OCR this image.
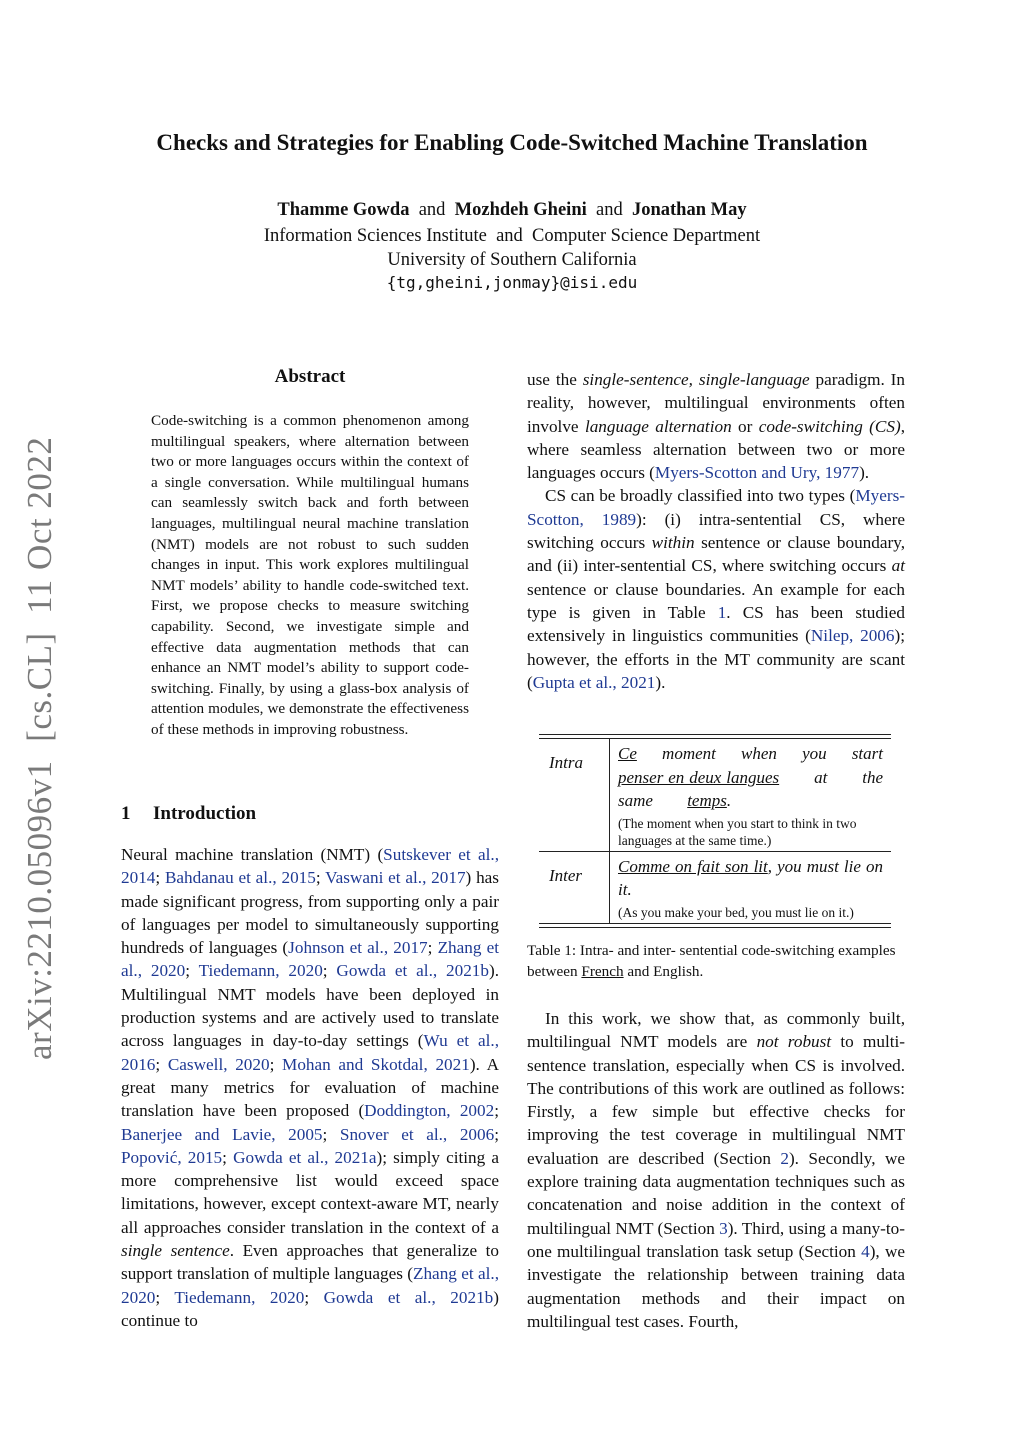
Checks and Strategies for Enabling Code-Switched Machine Translation
Thamme Gowda and Mozhdeh Gheini and Jonathan May
Information Sciences Institute  and  Computer Science Department
University of Southern California
{tg,gheini,jonmay}@isi.edu
arXiv:2210.05096v1  [cs.CL]  11 Oct 2022
Abstract
Code-switching is a common phenomenon among multilingual speakers, where alternation between two or more languages occurs within the context of a single conversation. While multilingual humans can seamlessly switch back and forth between languages, multilingual neural machine translation (NMT) models are not robust to such sudden changes in input. This work explores multilingual NMT models’ ability to handle code-switched text. First, we propose checks to measure switching capability. Second, we investigate simple and effective data augmentation methods that can enhance an NMT model’s ability to support code-switching. Finally, by using a glass-box analysis of attention modules, we demonstrate the effectiveness of these methods in improving robustness.
1 Introduction

Neural machine translation (NMT) (Sutskever et al., 2014; Bahdanau et al., 2015; Vaswani et al., 2017) has made significant progress, from supporting only a pair of languages per model to simultaneously supporting hundreds of languages (Johnson et al., 2017; Zhang et al., 2020; Tiedemann, 2020; Gowda et al., 2021b). Multilingual NMT models have been deployed in production systems and are actively used to translate across languages in day-to-day settings (Wu et al., 2016; Caswell, 2020; Mohan and Skotdal, 2021). A great many metrics for evaluation of machine translation have been proposed (Doddington, 2002; Banerjee and Lavie, 2005; Snover et al., 2006; Popović, 2015; Gowda et al., 2021a); simply citing a more comprehensive list would exceed space limitations, however, except context-aware MT, nearly all approaches consider translation in the context of a single sentence. Even approaches that generalize to support translation of multiple languages (Zhang et al., 2020; Tiedemann, 2020; Gowda et al., 2021b) continue to

use the single-sentence, single-language paradigm. In reality, however, multilingual environments often involve language alternation or code-switching (CS), where seamless alternation between two or more languages occurs (Myers-Scotton and Ury, 1977).

CS can be broadly classified into two types (Myers-Scotton, 1989): (i) intra-sentential CS, where switching occurs within sentence or clause boundary, and (ii) inter-sentential CS, where switching occurs at sentence or clause boundaries. An example for each type is given in Table 1. CS has been studied extensively in linguistics communities (Nilep, 2006); however, the efforts in the MT community are scant (Gupta et al., 2021).

Intra	Ce moment when you start penser en deux langues at the same temps.
(The moment when you start to think in two languages at the same time.)
Inter	Comme on fait son lit, you must lie on it.
(As you make your bed, you must lie on it.)
Table 1: Intra- and inter- sentential code-switching examples between French and English.

In this work, we show that, as commonly built, multilingual NMT models are not robust to multi-sentence translation, especially when CS is involved. The contributions of this work are outlined as follows: Firstly, a few simple but effective checks for improving the test coverage in multilingual NMT evaluation are described (Section 2). Secondly, we explore training data augmentation techniques such as concatenation and noise addition in the context of multilingual NMT (Section 3). Third, using a many-to-one multilingual translation task setup (Section 4), we investigate the relationship between training data augmentation methods and their impact on multilingual test cases. Fourth,
